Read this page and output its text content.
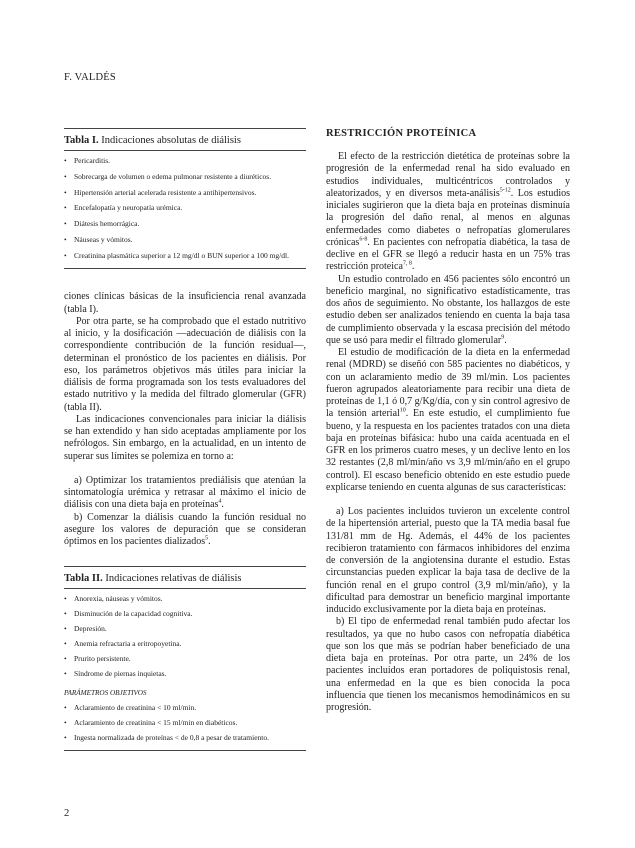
F. VALDÉS
Tabla I. Indicaciones absolutas de diálisis
• Pericarditis.
• Sobrecarga de volumen o edema pulmonar resistente a diuréticos.
• Hipertensión arterial acelerada resistente a antihipertensivos.
• Encefalopatía y neuropatía urémica.
• Diátesis hemorrágica.
• Náuseas y vómitos.
• Creatinina plasmática superior a 12 mg/dl o BUN superior a 100 mg/dl.

ciones clínicas básicas de la insuficiencia renal avanzada (tabla I).

Por otra parte, se ha comprobado que el estado nutritivo al inicio, y la dosificación —adecuación de diálisis con la correspondiente contribución de la función residual—, determinan el pronóstico de los pacientes en diálisis. Por eso, los parámetros objetivos más útiles para iniciar la diálisis de forma programada son los tests evaluadores del estado nutritivo y la medida del filtrado glomerular (GFR) (tabla II).

Las indicaciones convencionales para iniciar la diálisis se han extendido y han sido aceptadas ampliamente por los nefrólogos. Sin embargo, en la actualidad, en un intento de superar sus límites se polemiza en torno a:

a) Optimizar los tratamientos prediálisis que atenúan la sintomatología urémica y retrasar al máximo el inicio de diálisis con una dieta baja en proteínas$^4$.

b) Comenzar la diálisis cuando la función residual no asegure los valores de depuración que se consideran óptimos en los pacientes dializados$^5$.

Tabla II. Indicaciones relativas de diálisis
• Anorexia, náuseas y vómitos.
• Disminución de la capacidad cognitiva.
• Depresión.
• Anemia refractaria a eritropoyetina.
• Prurito persistente.
• Síndrome de piernas inquietas.
PARÁMETROS OBJETIVOS
• Aclaramiento de creatinina < 10 ml/min.
• Aclaramiento de creatinina < 15 ml/min en diabéticos.
• Ingesta normalizada de proteínas < de 0,8 a pesar de tratamiento.
RESTRICCIÓN PROTEÍNICA

El efecto de la restricción dietética de proteínas sobre la progresión de la enfermedad renal ha sido evaluado en estudios individuales, multicéntricos controlados y aleatorizados, y en diversos meta-análisis$^{5-12}$. Los estudios iniciales sugirieron que la dieta baja en proteínas disminuía la progresión del daño renal, al menos en algunas enfermedades como diabetes o nefropatías glomerulares crónicas$^{6-8}$. En pacientes con nefropatía diabética, la tasa de declive en el GFR se llegó a reducir hasta en un 75% tras restricción proteica$^{7, 8}$.

Un estudio controlado en 456 pacientes sólo encontró un beneficio marginal, no significativo estadísticamente, tras dos años de seguimiento. No obstante, los hallazgos de este estudio deben ser analizados teniendo en cuenta la baja tasa de cumplimiento observada y la escasa precisión del método que se usó para medir el filtrado glomerular$^9$.

El estudio de modificación de la dieta en la enfermedad renal (MDRD) se diseñó con 585 pacientes no diabéticos, y con un aclaramiento medio de 39 ml/min. Los pacientes fueron agrupados aleatoriamente para recibir una dieta de proteínas de 1,1 ó 0,7 g/Kg/día, con y sin control agresivo de la tensión arterial$^{10}$. En este estudio, el cumplimiento fue bueno, y la respuesta en los pacientes tratados con una dieta baja en proteínas bifásica: hubo una caída acentuada en el GFR en los primeros cuatro meses, y un declive lento en los 32 restantes (2,8 ml/min/año vs 3,9 ml/min/año en el grupo control). El escaso beneficio obtenido en este estudio puede explicarse teniendo en cuenta algunas de sus características:

a) Los pacientes incluidos tuvieron un excelente control de la hipertensión arterial, puesto que la TA media basal fue 131/81 mm de Hg. Además, el 44% de los pacientes recibieron tratamiento con fármacos inhibidores del enzima de conversión de la angiotensina durante el estudio. Estas circunstancias pueden explicar la baja tasa de declive de la función renal en el grupo control (3,9 ml/min/año), y la dificultad para demostrar un beneficio marginal importante inducido exclusivamente por la dieta baja en proteínas.

b) El tipo de enfermedad renal también pudo afectar los resultados, ya que no hubo casos con nefropatía diabética que son los que más se podrían haber beneficiado de una dieta baja en proteínas. Por otra parte, un 24% de los pacientes incluidos eran portadores de poliquistosis renal, una enfermedad en la que es bien conocida la poca influencia que tienen los mecanismos hemodinámicos en su progresión.

2
